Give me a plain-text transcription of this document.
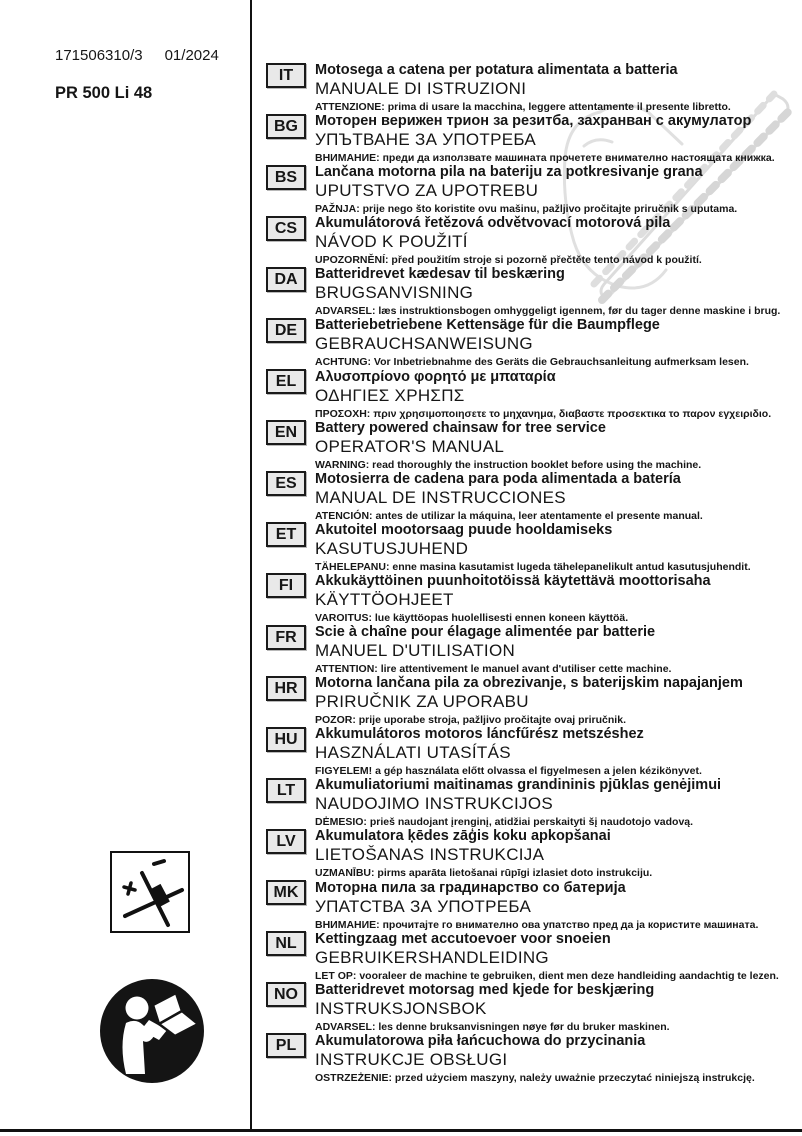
171506310/3 01/2024
PR 500 Li 48
IT	Motosega a catena per potatura alimentata a batteria
MANUALE DI ISTRUZIONI
ATTENZIONE: prima di usare la macchina, leggere attentamente il presente libretto.
BG	Моторен верижен трион за резитба, захранван с акумулатор
УПЪТВАНЕ ЗА УПОТРЕБА
ВНИМАНИЕ: преди да използвате машината прочетете внимателно настоящата книжка.
BS	Lančana motorna pila na bateriju za potkresivanje grana
UPUTSTVO ZA UPOTREBU
PAŽNJA: prije nego što koristite ovu mašinu, pažljivo pročitajte priručnik s uputama.
CS	Akumulátorová řetězová odvětvovací motorová pila
NÁVOD K POUŽITÍ
UPOZORNĚNÍ: před použitím stroje si pozorně přečtěte tento návod k použití.
DA	Batteridrevet kædesav til beskæring
BRUGSANVISNING
ADVARSEL: læs instruktionsbogen omhyggeligt igennem, før du tager denne maskine i brug.
DE	Batteriebetriebene Kettensäge für die Baumpflege
GEBRAUCHSANWEISUNG
ACHTUNG: Vor Inbetriebnahme des Geräts die Gebrauchsanleitung aufmerksam lesen.
EL	Αλυσοπρίονο φορητό με μπαταρία
ΟΔΗΓΙΕΣ ΧΡΗΣΠΣ
ΠΡΟΣΟΧΗ: πριν χρησιμοποιησετε το μηχανημα, διαβαστε προσεκτικα το παρον εγχειριδιο.
EN	Battery powered chainsaw for tree service
OPERATOR'S MANUAL
WARNING: read thoroughly the instruction booklet before using the machine.
ES	Motosierra de cadena para poda alimentada a batería
MANUAL DE INSTRUCCIONES
ATENCIÓN: antes de utilizar la máquina, leer atentamente el presente manual.
ET	Akutoitel mootorsaag puude hooldamiseks
KASUTUSJUHEND
TÄHELEPANU: enne masina kasutamist lugeda tähelepanelikult antud kasutusjuhendit.
FI	Akkukäyttöinen puunhoitotöissä käytettävä moottorisaha
KÄYTTÖOHJEET
VAROITUS: lue käyttöopas huolellisesti ennen koneen käyttöä.
FR	Scie à chaîne pour élagage alimentée par batterie
MANUEL D'UTILISATION
ATTENTION: lire attentivement le manuel avant d'utiliser cette machine.
HR	Motorna lančana pila za obrezivanje, s baterijskim napajanjem
PRIRUČNIK ZA UPORABU
POZOR: prije uporabe stroja, pažljivo pročitajte ovaj priručnik.
HU	Akkumulátoros motoros láncfűrész metszéshez
HASZNÁLATI UTASÍTÁS
FIGYELEM! a gép használata előtt olvassa el figyelmesen a jelen kézikönyvet.
LT	Akumuliatoriumi maitinamas grandininis pjūklas genėjimui
NAUDOJIMO INSTRUKCIJOS
DĖMESIO: prieš naudojant įrenginį, atidžiai perskaityti šį naudotojo vadovą.
LV	Akumulatora ķēdes zāģis koku apkopšanai
LIETOŠANAS INSTRUKCIJA
UZMANĪBU: pirms aparāta lietošanai rūpīgi izlasiet doto instrukciju.
MK	Моторна пила за градинарство со батерија
УПАТСТВА ЗА УПОТРЕБА
ВНИМАНИЕ: прочитајте го внимателно ова упатство пред да ја користите машината.
NL	Kettingzaag met accutoevoer voor snoeien
GEBRUIKERSHANDLEIDING
LET OP: vooraleer de machine te gebruiken, dient men deze handleiding aandachtig te lezen.
NO	Batteridrevet motorsag med kjede for beskjæring
INSTRUKSJONSBOK
ADVARSEL: les denne bruksanvisningen nøye før du bruker maskinen.
PL	Akumulatorowa piła łańcuchowa do przycinania
INSTRUKCJE OBSŁUGI
OSTRZEŻENIE: przed użyciem maszyny, należy uważnie przeczytać niniejszą instrukcję.
